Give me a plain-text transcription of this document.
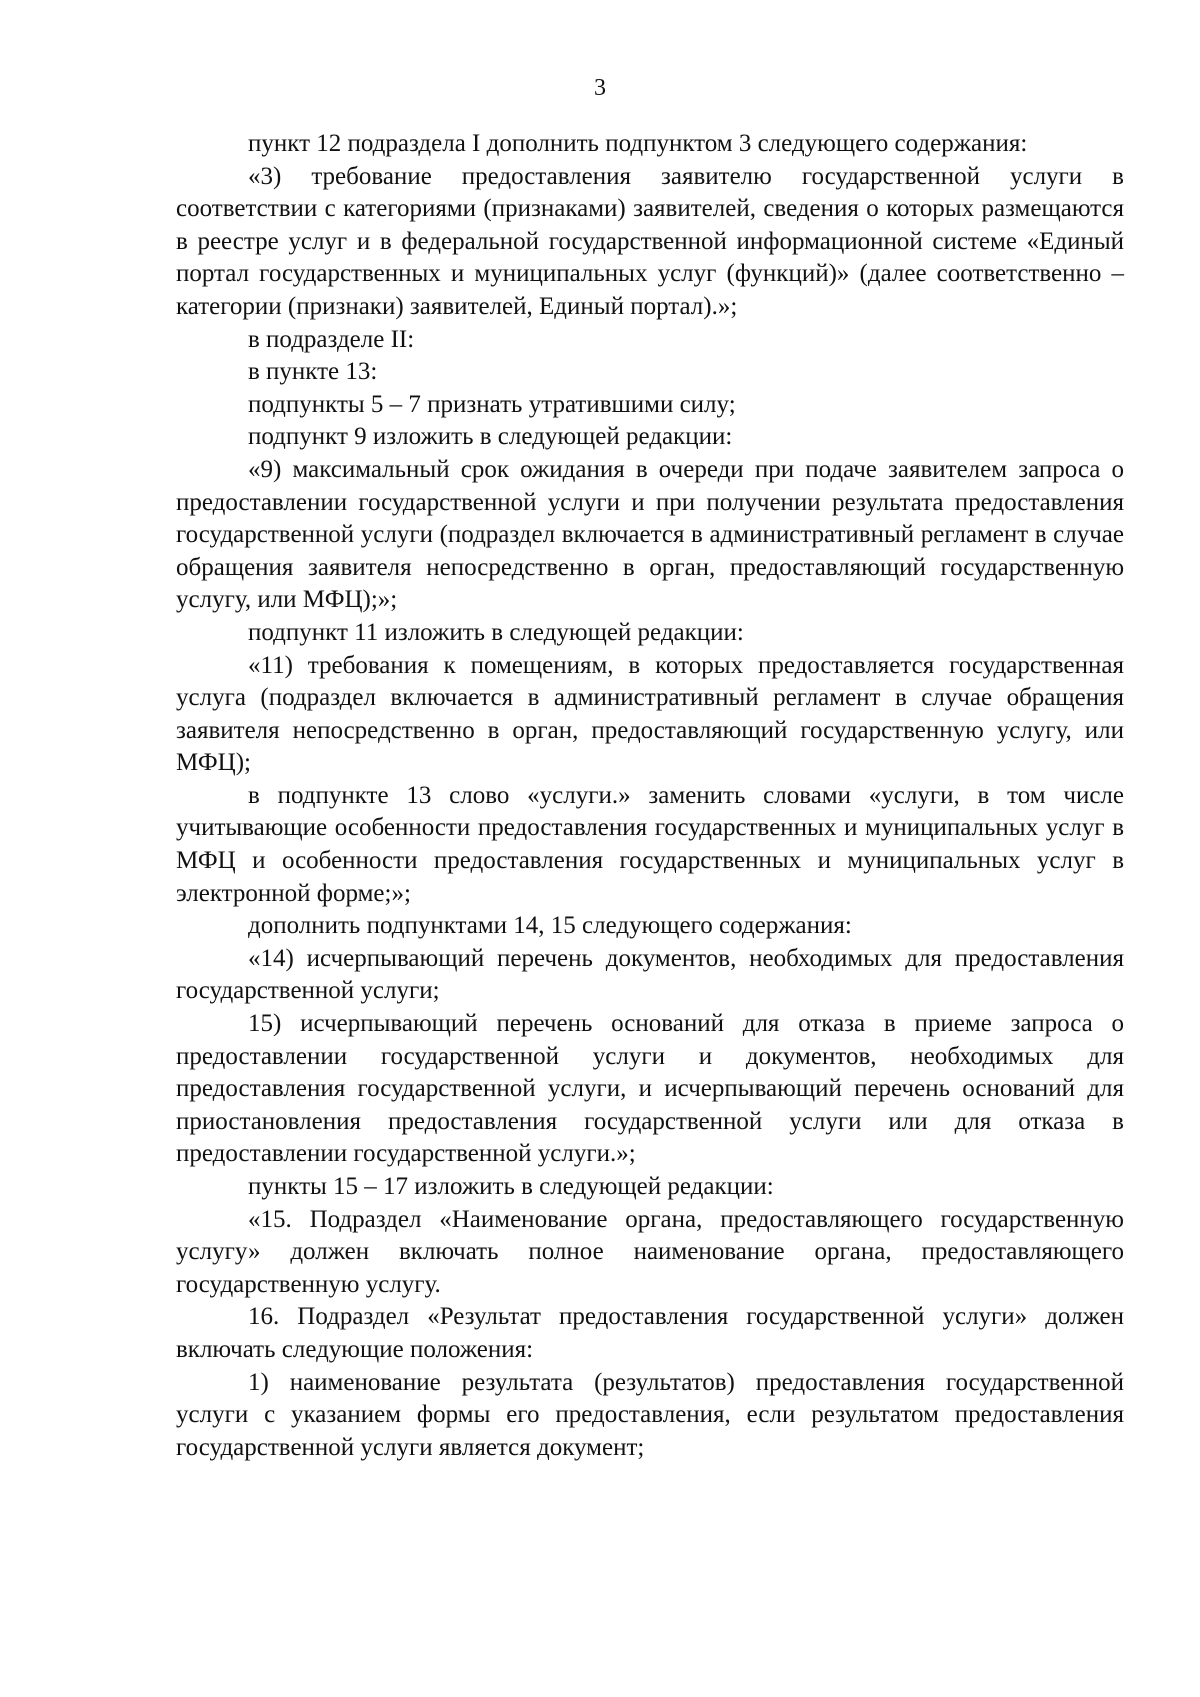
3

пункт 12 подраздела I дополнить подпунктом 3 следующего содержания:

«3) требование предоставления заявителю государственной услуги в соответствии с категориями (признаками) заявителей, сведения о которых размещаются в реестре услуг и в федеральной государственной информационной системе «Единый портал государственных и муниципальных услуг (функций)» (далее соответственно – категории (признаки) заявителей, Единый портал).»;

в подразделе II:

в пункте 13:

подпункты 5 – 7 признать утратившими силу;

подпункт 9 изложить в следующей редакции:

«9) максимальный срок ожидания в очереди при подаче заявителем запроса о предоставлении государственной услуги и при получении результата предоставления государственной услуги (подраздел включается в административный регламент в случае обращения заявителя непосредственно в орган, предоставляющий государственную услугу, или МФЦ);»;

подпункт 11 изложить в следующей редакции:

«11) требования к помещениям, в которых предоставляется государственная услуга (подраздел включается в административный регламент в случае обращения заявителя непосредственно в орган, предоставляющий государственную услугу, или МФЦ);

в подпункте 13 слово «услуги.» заменить словами «услуги, в том числе учитывающие особенности предоставления государственных и муниципальных услуг в МФЦ и особенности предоставления государственных и муниципальных услуг в электронной форме;»;

дополнить подпунктами 14, 15 следующего содержания:

«14) исчерпывающий перечень документов, необходимых для предоставления государственной услуги;

15) исчерпывающий перечень оснований для отказа в приеме запроса о предоставлении государственной услуги и документов, необходимых для предоставления государственной услуги, и исчерпывающий перечень оснований для приостановления предоставления государственной услуги или для отказа в предоставлении государственной услуги.»;

пункты 15 – 17 изложить в следующей редакции:

«15. Подраздел «Наименование органа, предоставляющего государственную услугу» должен включать полное наименование органа, предоставляющего государственную услугу.

16. Подраздел «Результат предоставления государственной услуги» должен включать следующие положения:

1) наименование результата (результатов) предоставления государственной услуги с указанием формы его предоставления, если результатом предоставления государственной услуги является документ;
